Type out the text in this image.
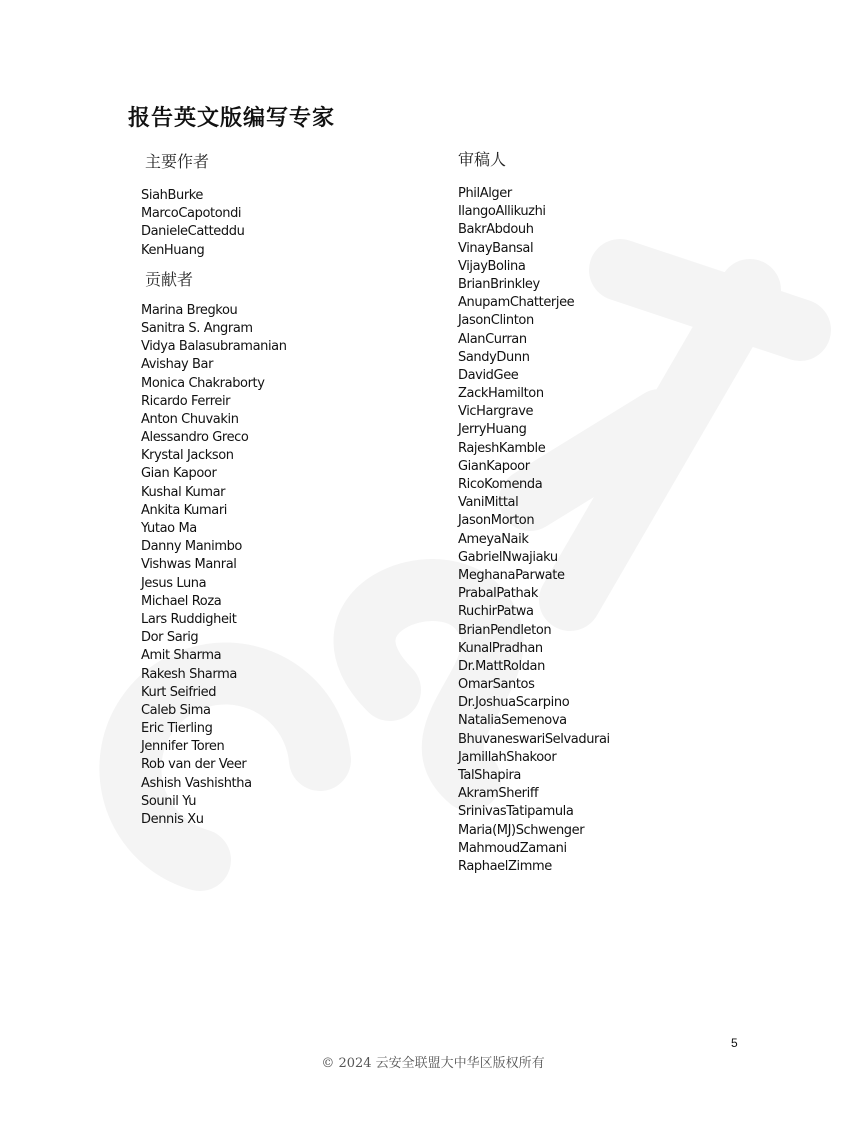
报告英文版编写专家
主要作者
SiahBurke
MarcoCapotondi
DanieleCatteddu
KenHuang
贡献者
Marina Bregkou
Sanitra S. Angram
Vidya Balasubramanian
Avishay Bar
Monica Chakraborty
Ricardo Ferreir
Anton Chuvakin
Alessandro Greco
Krystal Jackson
Gian Kapoor
Kushal Kumar
Ankita Kumari
Yutao Ma
Danny Manimbo
Vishwas Manral
Jesus Luna
Michael Roza
Lars Ruddigheit
Dor Sarig
Amit Sharma
Rakesh Sharma
Kurt Seifried
Caleb Sima
Eric Tierling
Jennifer Toren
Rob van der Veer
Ashish Vashishtha
Sounil Yu
Dennis Xu
审稿人
PhilAlger
IlangoAllikuzhi
BakrAbdouh
VinayBansal
VijayBolina
BrianBrinkley
AnupamChatterjee
JasonClinton
AlanCurran
SandyDunn
DavidGee
ZackHamilton
VicHargrave
JerryHuang
RajeshKamble
GianKapoor
RicoKomenda
VaniMittal
JasonMorton
AmeyaNaik
GabrielNwajiaku
MeghanaParwate
PrabalPathak
RuchirPatwa
BrianPendleton
KunalPradhan
Dr.MattRoldan
OmarSantos
Dr.JoshuaScarpino
NataliaSemenova
BhuvaneswariSelvadurai
JamillahShakoor
TalShapira
AkramSheriff
SrinivasTatipamula
Maria(MJ)Schwenger
MahmoudZamani
RaphaelZimme
5
© 2024 云安全联盟大中华区版权所有
